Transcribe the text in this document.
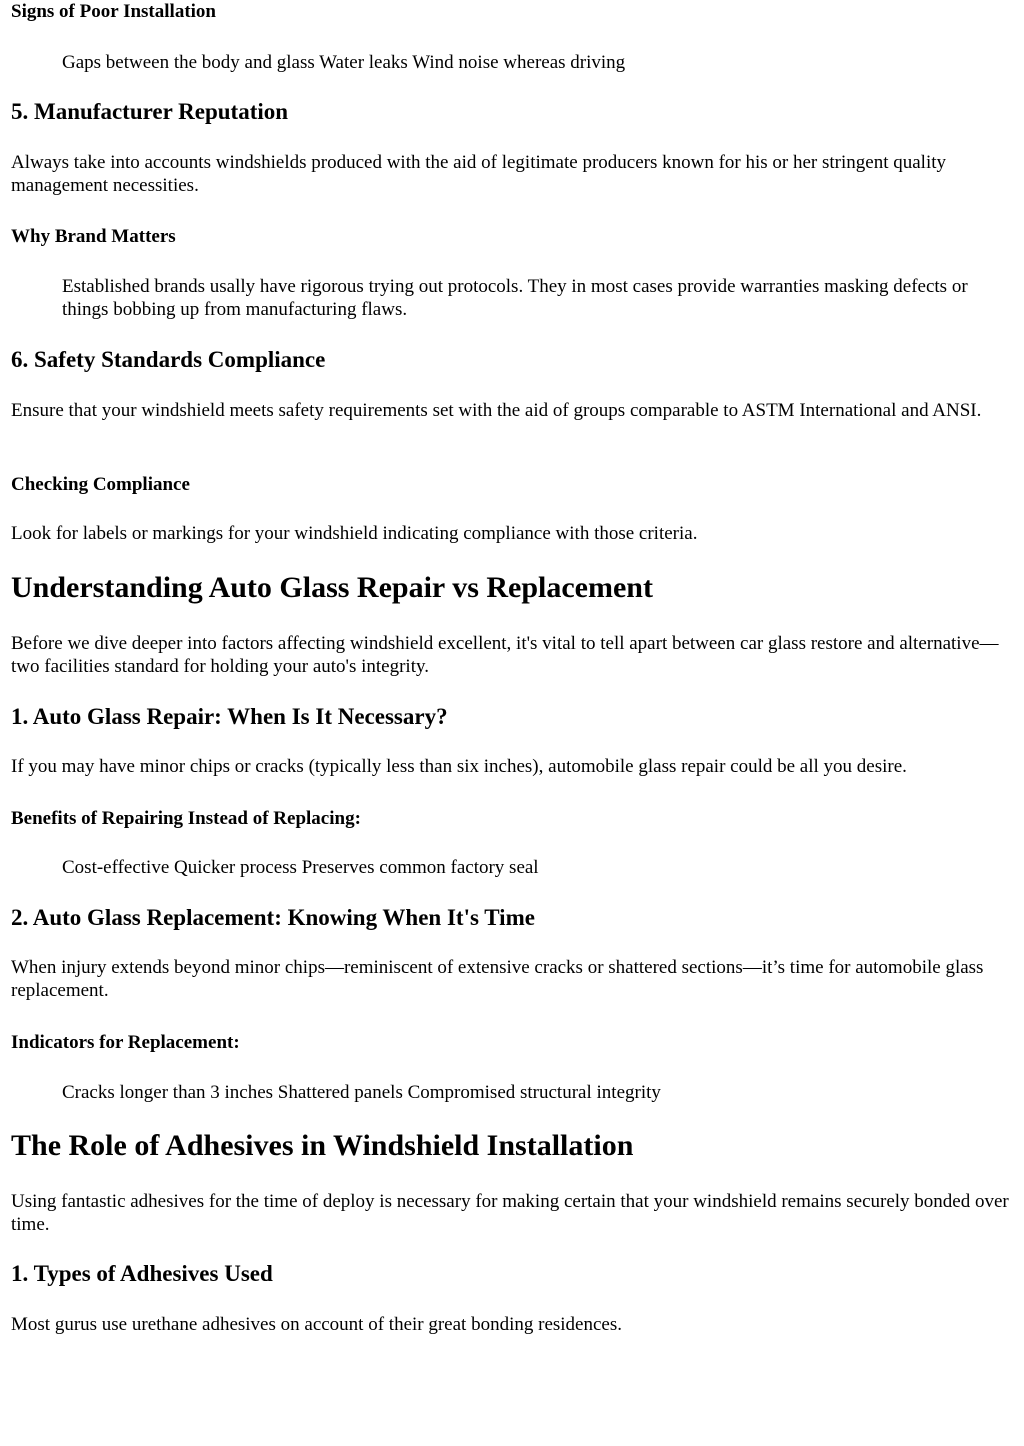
Signs of Poor Installation

Gaps between the body and glass Water leaks Wind noise whereas driving

5. Manufacturer Reputation

Always take into accounts windshields produced with the aid of legitimate producers known for his or her stringent quality management necessities.

Why Brand Matters

Established brands usally have rigorous trying out protocols. They in most cases provide warranties masking defects or things bobbing up from manufacturing flaws.

6. Safety Standards Compliance

Ensure that your windshield meets safety requirements set with the aid of groups comparable to ASTM International and ANSI.

Checking Compliance

Look for labels or markings for your windshield indicating compliance with those criteria.

Understanding Auto Glass Repair vs Replacement

Before we dive deeper into factors affecting windshield excellent, it's vital to tell apart between car glass restore and alternative—two facilities standard for holding your auto's integrity.

1. Auto Glass Repair: When Is It Necessary?

If you may have minor chips or cracks (typically less than six inches), automobile glass repair could be all you desire.

Benefits of Repairing Instead of Replacing:

Cost-effective Quicker process Preserves common factory seal

2. Auto Glass Replacement: Knowing When It's Time

When injury extends beyond minor chips—reminiscent of extensive cracks or shattered sections—it’s time for automobile glass replacement.

Indicators for Replacement:

Cracks longer than 3 inches Shattered panels Compromised structural integrity

The Role of Adhesives in Windshield Installation

Using fantastic adhesives for the time of deploy is necessary for making certain that your windshield remains securely bonded over time.

1. Types of Adhesives Used

Most gurus use urethane adhesives on account of their great bonding residences.
